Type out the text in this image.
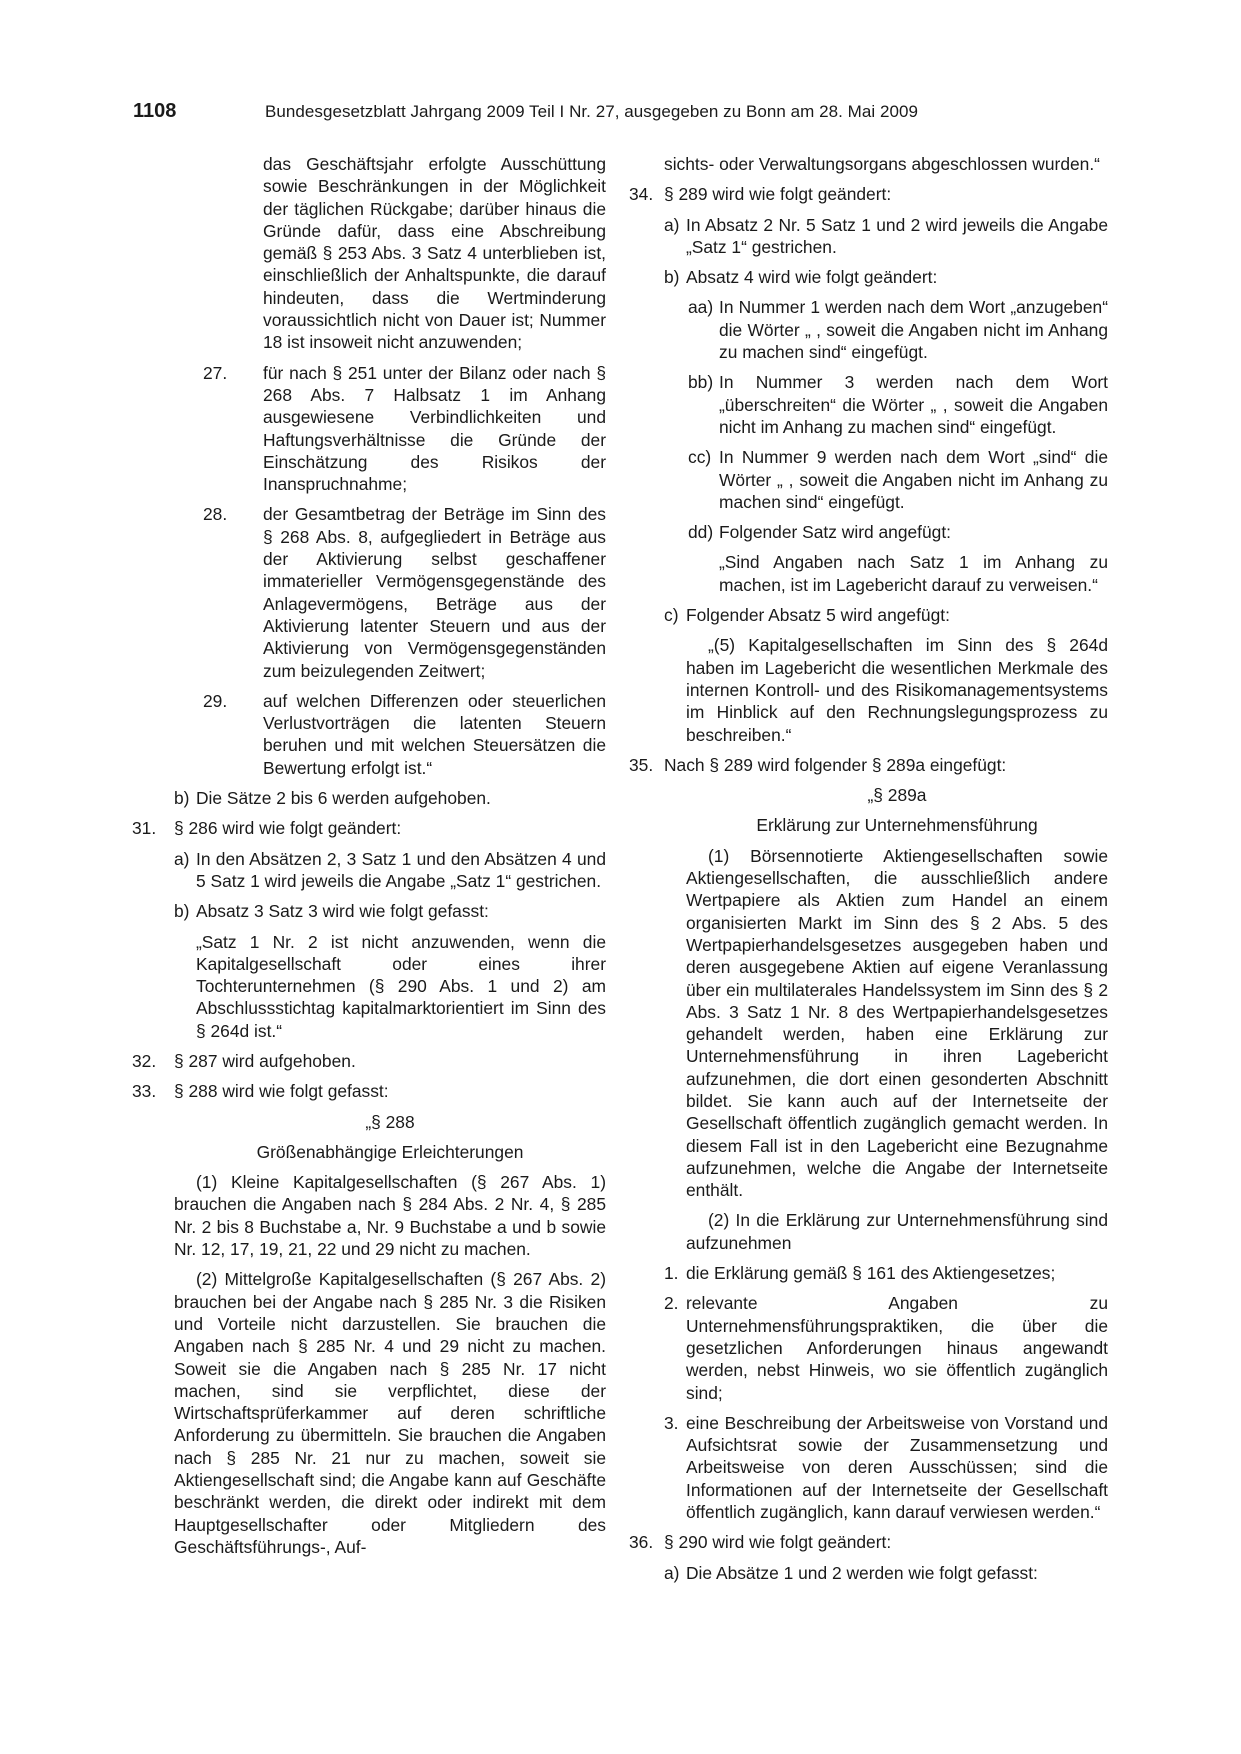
1108	Bundesgesetzblatt Jahrgang 2009 Teil I Nr. 27, ausgegeben zu Bonn am 28. Mai 2009
das Geschäftsjahr erfolgte Ausschüttung sowie Beschränkungen in der Möglichkeit der täglichen Rückgabe; darüber hinaus die Gründe dafür, dass eine Abschreibung gemäß § 253 Abs. 3 Satz 4 unterblieben ist, einschließlich der Anhaltspunkte, die darauf hindeuten, dass die Wertminderung voraussichtlich nicht von Dauer ist; Nummer 18 ist insoweit nicht anzuwenden;
27. für nach § 251 unter der Bilanz oder nach § 268 Abs. 7 Halbsatz 1 im Anhang ausgewiesene Verbindlichkeiten und Haftungsverhältnisse die Gründe der Einschätzung des Risikos der Inanspruchnahme;
28. der Gesamtbetrag der Beträge im Sinn des § 268 Abs. 8, aufgegliedert in Beträge aus der Aktivierung selbst geschaffener immaterieller Vermögensgegenstände des Anlagevermögens, Beträge aus der Aktivierung latenter Steuern und aus der Aktivierung von Vermögensgegenständen zum beizulegenden Zeitwert;
29. auf welchen Differenzen oder steuerlichen Verlustvorträgen die latenten Steuern beruhen und mit welchen Steuersätzen die Bewertung erfolgt ist.“
b) Die Sätze 2 bis 6 werden aufgehoben.
31. § 286 wird wie folgt geändert:
a) In den Absätzen 2, 3 Satz 1 und den Absätzen 4 und 5 Satz 1 wird jeweils die Angabe „Satz 1“ gestrichen.
b) Absatz 3 Satz 3 wird wie folgt gefasst:
„Satz 1 Nr. 2 ist nicht anzuwenden, wenn die Kapitalgesellschaft oder eines ihrer Tochterunternehmen (§ 290 Abs. 1 und 2) am Abschlussstichtag kapitalmarktorientiert im Sinn des § 264d ist.“
32. § 287 wird aufgehoben.
33. § 288 wird wie folgt gefasst:
„§ 288
Größenabhängige Erleichterungen
(1) Kleine Kapitalgesellschaften (§ 267 Abs. 1) brauchen die Angaben nach § 284 Abs. 2 Nr. 4, § 285 Nr. 2 bis 8 Buchstabe a, Nr. 9 Buchstabe a und b sowie Nr. 12, 17, 19, 21, 22 und 29 nicht zu machen.
(2) Mittelgroße Kapitalgesellschaften (§ 267 Abs. 2) brauchen bei der Angabe nach § 285 Nr. 3 die Risiken und Vorteile nicht darzustellen. Sie brauchen die Angaben nach § 285 Nr. 4 und 29 nicht zu machen. Soweit sie die Angaben nach § 285 Nr. 17 nicht machen, sind sie verpflichtet, diese der Wirtschaftsprüferkammer auf deren schriftliche Anforderung zu übermitteln. Sie brauchen die Angaben nach § 285 Nr. 21 nur zu machen, soweit sie Aktiengesellschaft sind; die Angabe kann auf Geschäfte beschränkt werden, die direkt oder indirekt mit dem Hauptgesellschafter oder Mitgliedern des Geschäftsführungs-, Auf-
sichts- oder Verwaltungsorgans abgeschlossen wurden.“
34. § 289 wird wie folgt geändert:
a) In Absatz 2 Nr. 5 Satz 1 und 2 wird jeweils die Angabe „Satz 1“ gestrichen.
b) Absatz 4 wird wie folgt geändert:
aa) In Nummer 1 werden nach dem Wort „anzugeben“ die Wörter „ , soweit die Angaben nicht im Anhang zu machen sind“ eingefügt.
bb) In Nummer 3 werden nach dem Wort „überschreiten“ die Wörter „ , soweit die Angaben nicht im Anhang zu machen sind“ eingefügt.
cc) In Nummer 9 werden nach dem Wort „sind“ die Wörter „ , soweit die Angaben nicht im Anhang zu machen sind“ eingefügt.
dd) Folgender Satz wird angefügt:
„Sind Angaben nach Satz 1 im Anhang zu machen, ist im Lagebericht darauf zu verweisen.“
c) Folgender Absatz 5 wird angefügt:
„(5) Kapitalgesellschaften im Sinn des § 264d haben im Lagebericht die wesentlichen Merkmale des internen Kontroll- und des Risikomanagementsystems im Hinblick auf den Rechnungslegungsprozess zu beschreiben.“
35. Nach § 289 wird folgender § 289a eingefügt:
„§ 289a
Erklärung zur Unternehmensführung
(1) Börsennotierte Aktiengesellschaften sowie Aktiengesellschaften, die ausschließlich andere Wertpapiere als Aktien zum Handel an einem organisierten Markt im Sinn des § 2 Abs. 5 des Wertpapierhandelsgesetzes ausgegeben haben und deren ausgegebene Aktien auf eigene Veranlassung über ein multilaterales Handelssystem im Sinn des § 2 Abs. 3 Satz 1 Nr. 8 des Wertpapierhandelsgesetzes gehandelt werden, haben eine Erklärung zur Unternehmensführung in ihren Lagebericht aufzunehmen, die dort einen gesonderten Abschnitt bildet. Sie kann auch auf der Internetseite der Gesellschaft öffentlich zugänglich gemacht werden. In diesem Fall ist in den Lagebericht eine Bezugnahme aufzunehmen, welche die Angabe der Internetseite enthält.
(2) In die Erklärung zur Unternehmensführung sind aufzunehmen
1. die Erklärung gemäß § 161 des Aktiengesetzes;
2. relevante Angaben zu Unternehmensführungspraktiken, die über die gesetzlichen Anforderungen hinaus angewandt werden, nebst Hinweis, wo sie öffentlich zugänglich sind;
3. eine Beschreibung der Arbeitsweise von Vorstand und Aufsichtsrat sowie der Zusammensetzung und Arbeitsweise von deren Ausschüssen; sind die Informationen auf der Internetseite der Gesellschaft öffentlich zugänglich, kann darauf verwiesen werden.“
36. § 290 wird wie folgt geändert:
a) Die Absätze 1 und 2 werden wie folgt gefasst:
